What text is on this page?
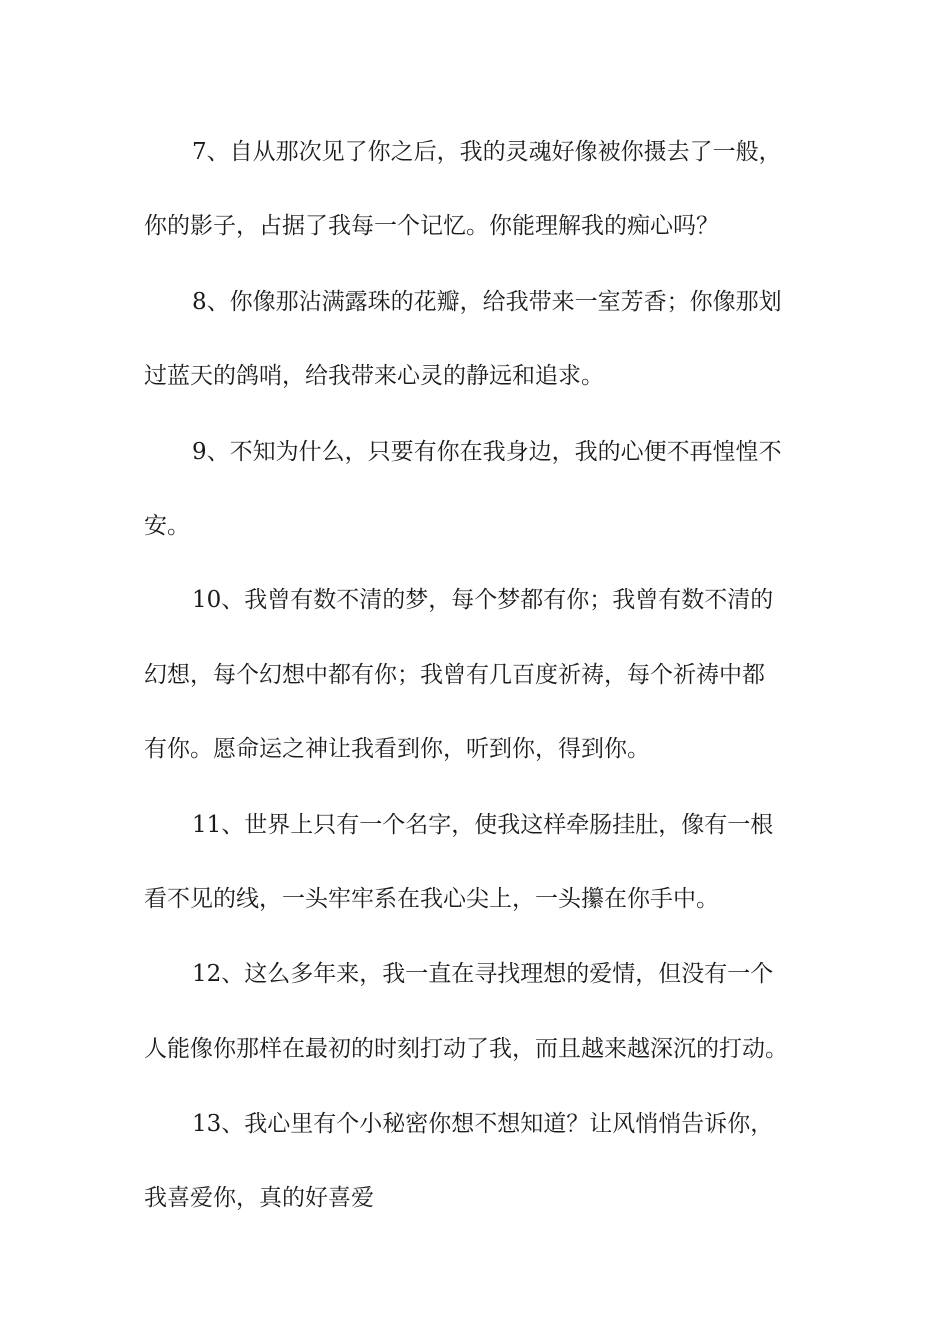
7、自从那次见了你之后，我的灵魂好像被你摄去了一般，
你的影子，占据了我每一个记忆。你能理解我的痴心吗？
8、你像那沾满露珠的花瓣，给我带来一室芳香；你像那划
过蓝天的鸽哨，给我带来心灵的静远和追求。
9、不知为什么，只要有你在我身边，我的心便不再惶惶不
安。
10、我曾有数不清的梦，每个梦都有你；我曾有数不清的
幻想，每个幻想中都有你；我曾有几百度祈祷，每个祈祷中都
有你。愿命运之神让我看到你，听到你，得到你。
11、世界上只有一个名字，使我这样牵肠挂肚，像有一根
看不见的线，一头牢牢系在我心尖上，一头攥在你手中。
12、这么多年来，我一直在寻找理想的爱情，但没有一个
人能像你那样在最初的时刻打动了我，而且越来越深沉的打动。
13、我心里有个小秘密你想不想知道？让风悄悄告诉你，
我喜爱你，真的好喜爱
